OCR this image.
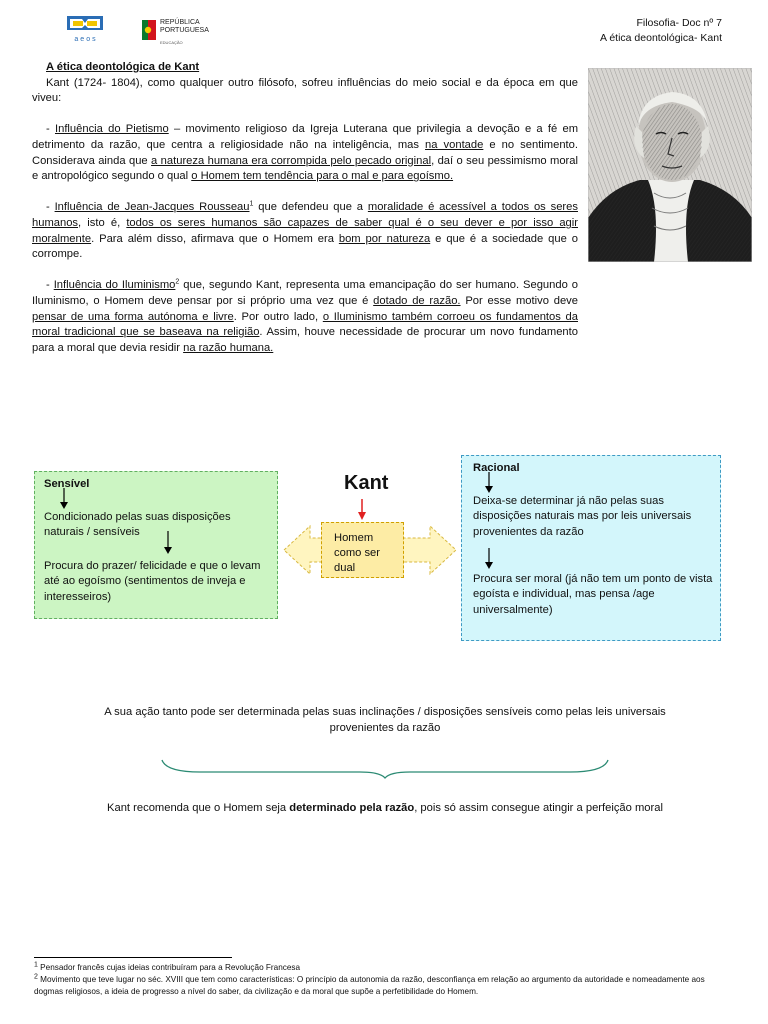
aeos
REPÚBLICA
PORTUGUESA
EDUCAÇÃO
Filosofia- Doc nº 7
A ética deontológica- Kant

A ética deontológica de Kant

Kant (1724- 1804), como qualquer outro filósofo, sofreu influências do meio social e da época em que viveu:

- Influência do Pietismo – movimento religioso da Igreja Luterana que privilegia a devoção e a fé em detrimento da razão, que centra a religiosidade não na inteligência, mas na vontade e no sentimento. Considerava ainda que a natureza humana era corrompida pelo pecado original, daí o seu pessimismo moral e antropológico segundo o qual o Homem tem tendência para o mal e para egoísmo.

- Influência de Jean-Jacques Rousseau$^1$ que defendeu que a moralidade é acessível a todos os seres humanos, isto é, todos os seres humanos são capazes de saber qual é o seu dever e por isso agir moralmente. Para além disso, afirmava que o Homem era bom por natureza e que é a sociedade que o corrompe.

- Influência do Iluminismo$^2$ que, segundo Kant, representa uma emancipação do ser humano. Segundo o Iluminismo, o Homem deve pensar por si próprio uma vez que é dotado de razão. Por esse motivo deve pensar de uma forma autónoma e livre. Por outro lado, o Iluminismo também corroeu os fundamentos da moral tradicional que se baseava na religião. Assim, houve necessidade de procurar um novo fundamento para a moral que devia residir na razão humana.

Sensível
Condicionado pelas suas disposições naturais / sensíveis
Procura do prazer/ felicidade e que o levam até ao egoísmo (sentimentos de inveja e interesseiros)
Racional
Deixa-se determinar já não pelas suas disposições naturais mas por leis universais provenientes da razão
Procura ser moral (já não tem um ponto de vista egoísta e individual, mas pensa /age universalmente)
Kant
Homem como ser dual
A sua ação tanto pode ser determinada pelas suas inclinações / disposições sensíveis como pelas leis universais
provenientes da razão
Kant recomenda que o Homem seja determinado pela razão, pois só assim consegue atingir a perfeição moral

$^1$ Pensador francês cujas ideias contribuíram para a Revolução Francesa

$^2$ Movimento que teve lugar no séc. XVIII que tem como características: O princípio da autonomia da razão, desconfiança em relação ao argumento da autoridade e nomeadamente aos dogmas religiosos, a ideia de progresso a nível do saber, da civilização e da moral que supõe a perfetibilidade do Homem.
